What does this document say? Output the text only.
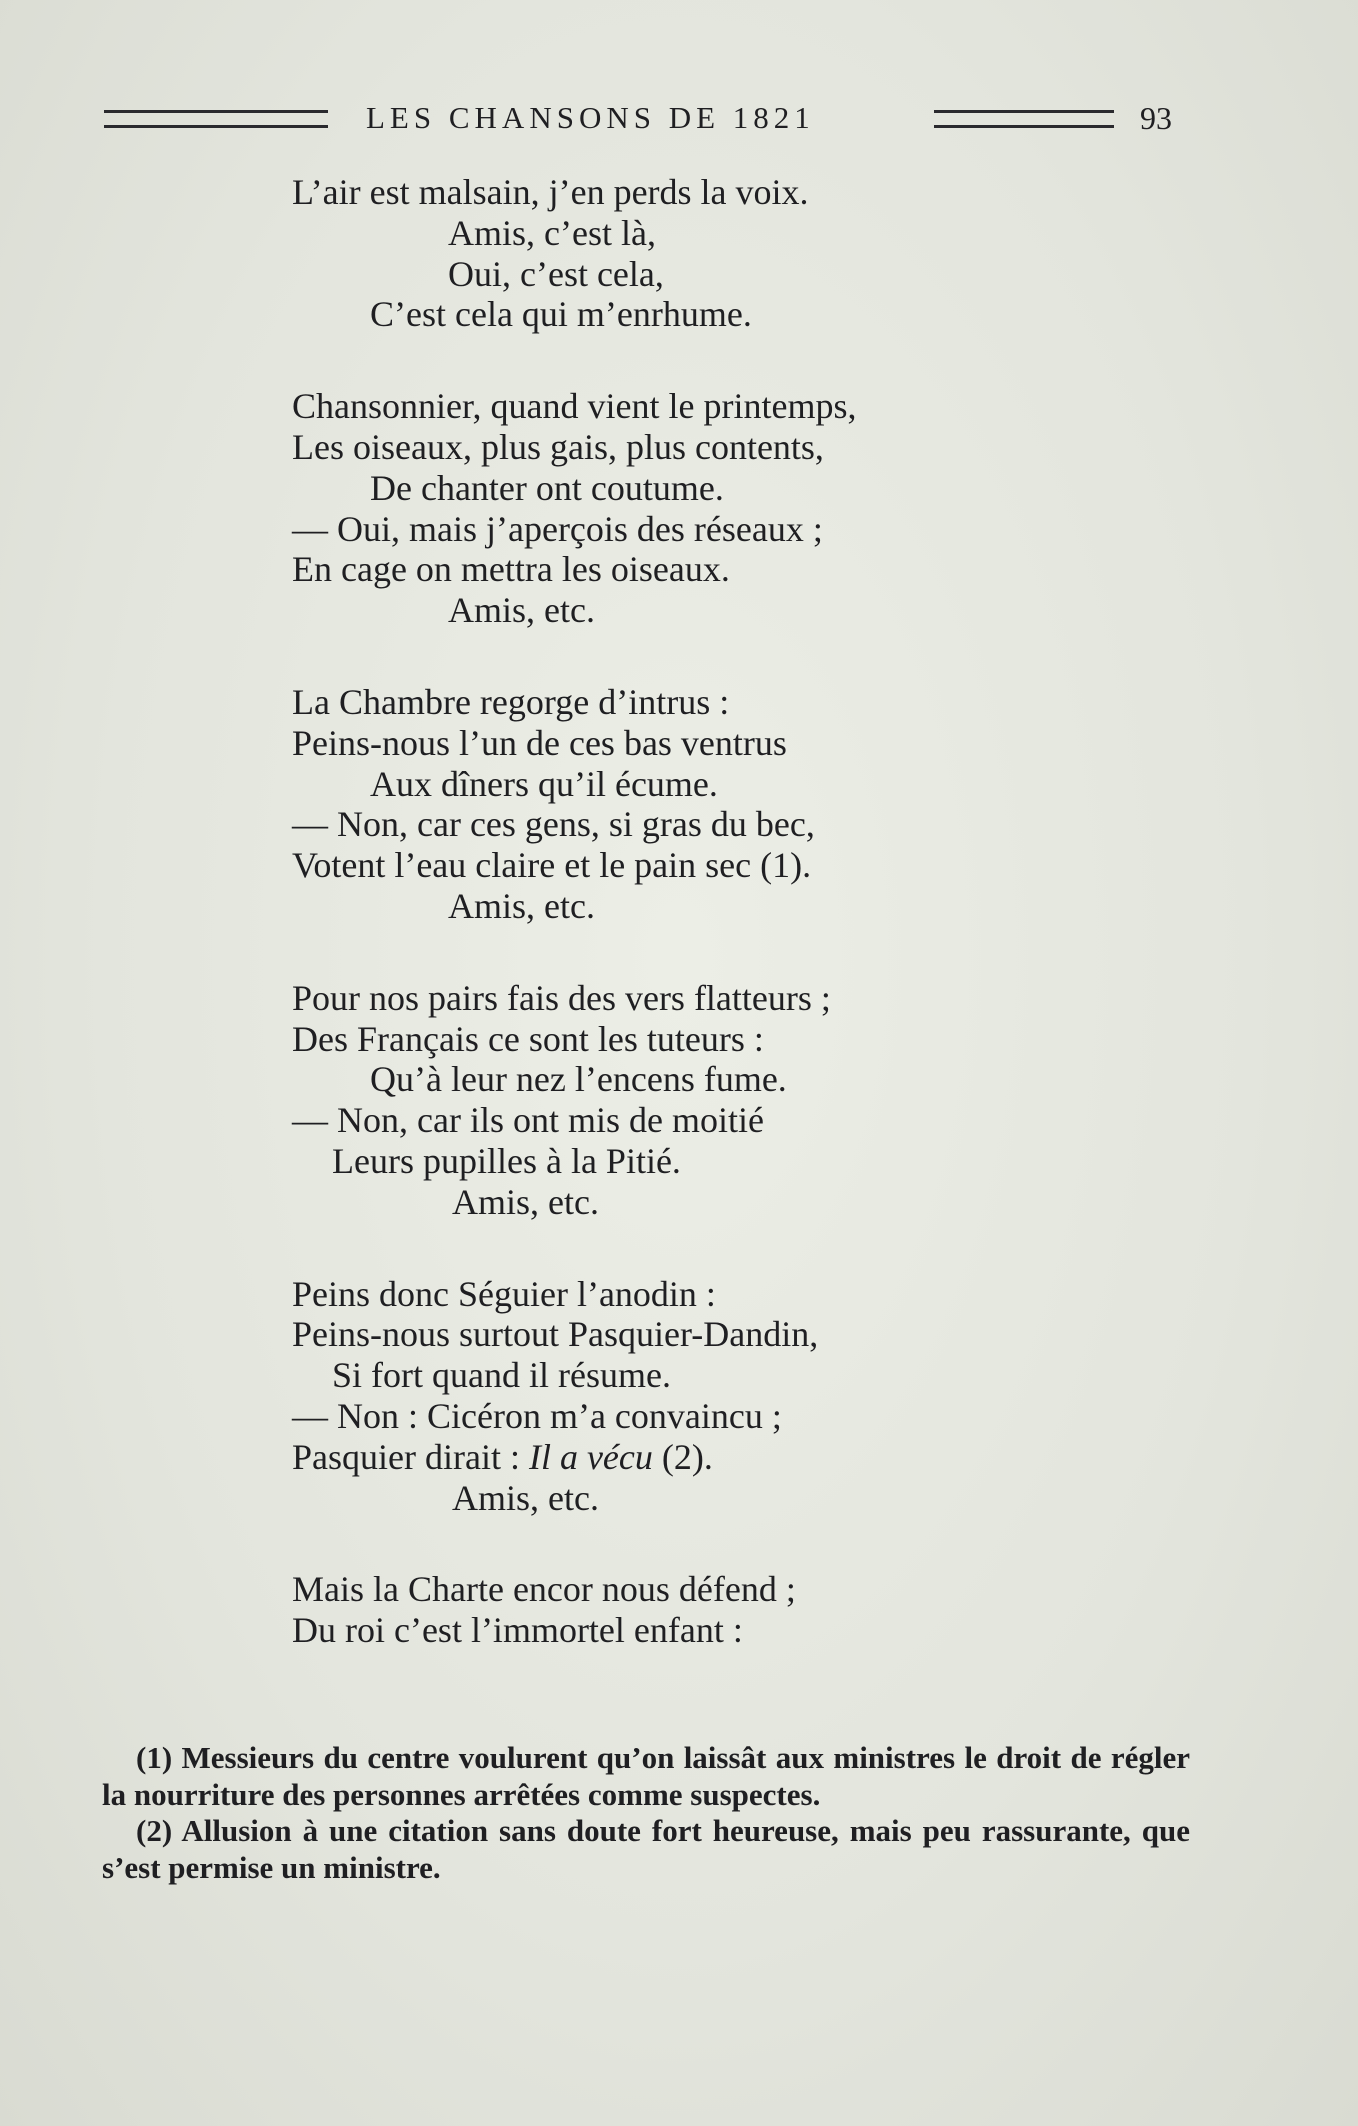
LES CHANSONS DE 1821	93
L’air est malsain, j’en perds la voix.
Amis, c’est là,
Oui, c’est cela,
C’est cela qui m’enrhume.
Chansonnier, quand vient le printemps,
Les oiseaux, plus gais, plus contents,
De chanter ont coutume.
— Oui, mais j’aperçois des réseaux ;
En cage on mettra les oiseaux.
Amis, etc.
La Chambre regorge d’intrus :
Peins-nous l’un de ces bas ventrus
Aux dîners qu’il écume.
— Non, car ces gens, si gras du bec,
Votent l’eau claire et le pain sec (1).
Amis, etc.
Pour nos pairs fais des vers flatteurs ;
Des Français ce sont les tuteurs :
Qu’à leur nez l’encens fume.
— Non, car ils ont mis de moitié
Leurs pupilles à la Pitié.
Amis, etc.
Peins donc Séguier l’anodin :
Peins-nous surtout Pasquier-Dandin,
Si fort quand il résume.
— Non : Cicéron m’a convaincu ;
Pasquier dirait : Il a vécu (2).
Amis, etc.
Mais la Charte encor nous défend ;
Du roi c’est l’immortel enfant :

(1) Messieurs du centre voulurent qu’on laissât aux ministres le droit de régler la nourriture des personnes arrêtées comme suspectes.

(2) Allusion à une citation sans doute fort heureuse, mais peu rassurante, que s’est permise un ministre.
